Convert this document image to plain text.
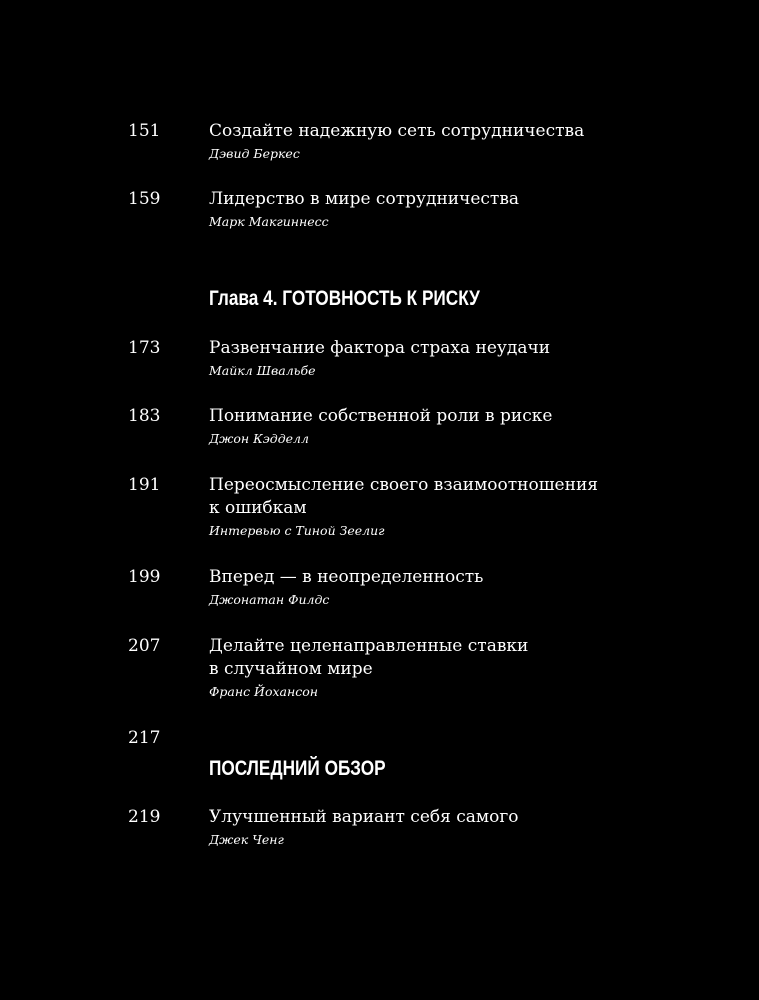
151	Создайте надежную сеть сотрудничества
Дэвид Беркес
159	Лидерство в мире сотрудничества
Марк Макгиннесс
Глава 4. ГОТОВНОСТЬ К РИСКУ
173	Развенчание фактора страха неудачи
Майкл Швальбе
183	Понимание собственной роли в риске
Джон Кэдделл
191	Переосмысление своего взаимоотношения
к ошибкам
Интервью с Тиной Зеелиг
199	Вперед — в неопределенность
Джонатан Филдс
207	Делайте целенаправленные ставки
в случайном мире
Франс Йохансон
217
ПОСЛЕДНИЙ ОБЗОР
219	Улучшенный вариант себя самого
Джек Ченг
